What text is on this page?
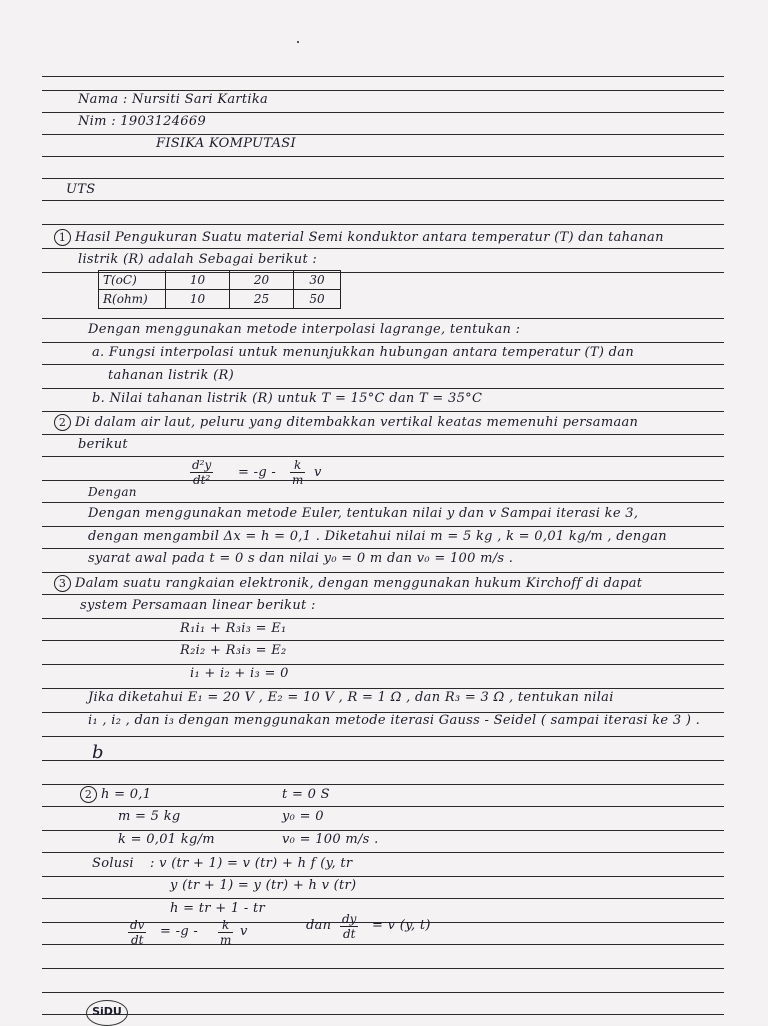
Nama : Nursiti Sari Kartika
Nim : 1903124669
FISIKA KOMPUTASI
UTS
1 Hasil Pengukuran Suatu material Semi konduktor antara temperatur (T) dan tahanan
listrik (R) adalah Sebagai berikut :
T(oC)	10	20	30
R(ohm)	10	25	50
Dengan menggunakan metode interpolasi lagrange, tentukan :
a. Fungsi interpolasi untuk menunjukkan hubungan antara temperatur (T) dan
tahanan listrik (R)
b. Nilai tahanan listrik (R) untuk T = 15°C dan T = 35°C
2 Di dalam air laut, peluru yang ditembakkan vertikal keatas memenuhi persamaan
berikut
$\frac{\text{d²y}}{\text{dt²}} = -g - \frac{k}{m}$ v
Dengan
Dengan menggunakan metode Euler, tentukan nilai y dan v Sampai iterasi ke 3,
dengan mengambil Δx = h = 0,1 . Diketahui nilai m = 5 kg , k = 0,01 kg/m , dengan
syarat awal pada t = 0 s dan nilai y₀ = 0 m dan v₀ = 100 m/s .
3 Dalam suatu rangkaian elektronik, dengan menggunakan hukum Kirchoff di dapat
system Persamaan linear berikut :
R₁i₁ + R₃i₃ = E₁
R₂i₂ + R₃i₃ = E₂
i₁ + i₂ + i₃ = 0
Jika diketahui E₁ = 20 V , E₂ = 10 V , R = 1 Ω , dan R₃ = 3 Ω , tentukan nilai
i₁ , i₂ , dan i₃ dengan menggunakan metode iterasi Gauss - Seidel ( sampai iterasi ke 3 ) .
b
2 h = 0,1	t = 0 S
m = 5 kg	y₀ = 0
k = 0,01 kg/m	v₀ = 100 m/s .
Solusi : v (tr + 1) = v (tr) + h f (y, tr
y (tr + 1) = y (tr) + h v (tr)
h = tr + 1 - tr
$\frac{dv}{dt} = -g - \frac{k}{m}$ v	dan $\frac{dy}{dt} = v$ (y, t)
SiDU
